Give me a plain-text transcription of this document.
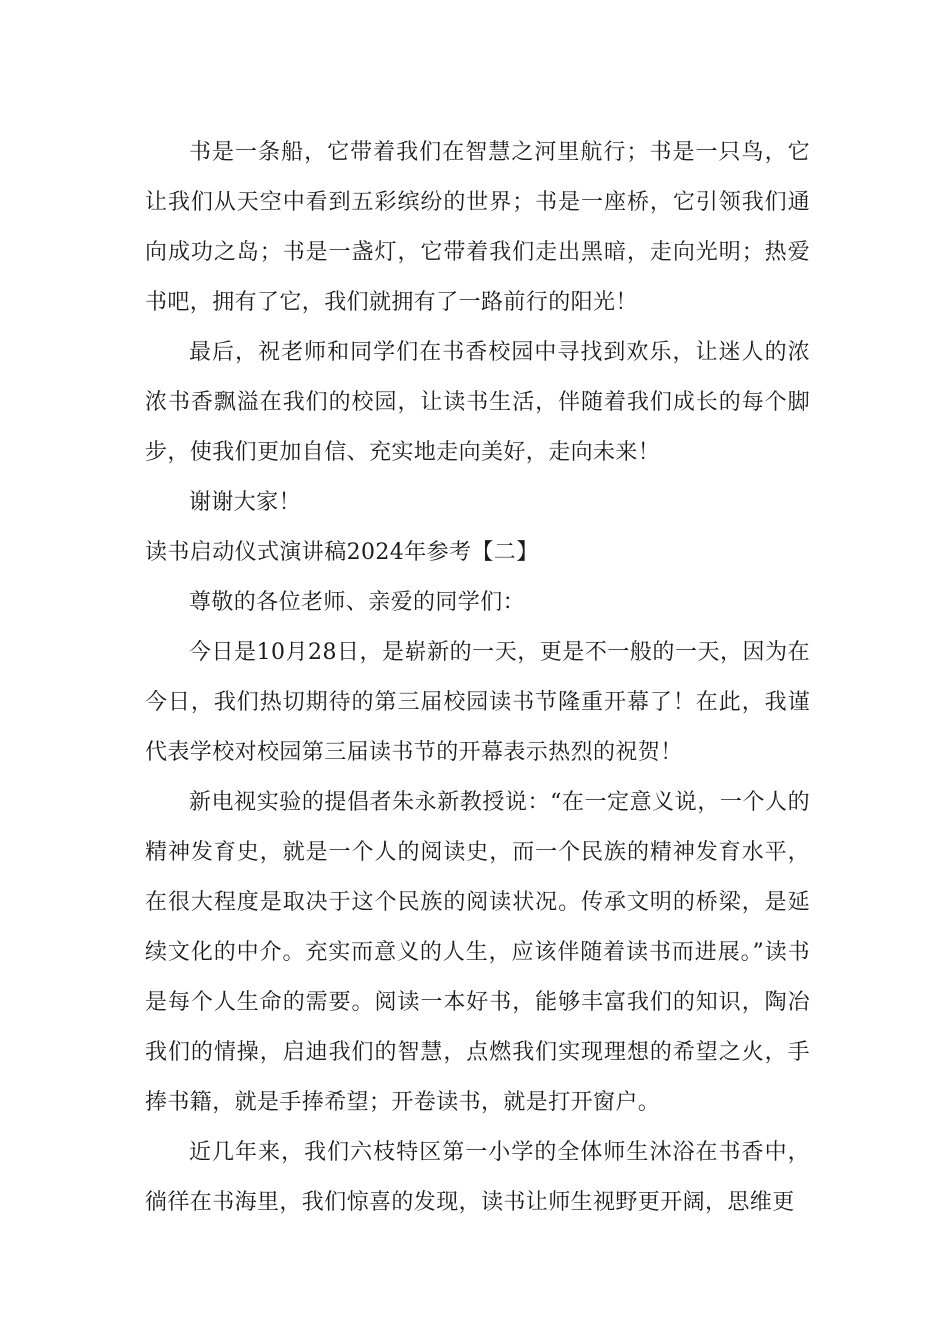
书是一条船，它带着我们在智慧之河里航行；书是一只鸟，它让我们从天空中看到五彩缤纷的世界；书是一座桥，它引领我们通向成功之岛；书是一盏灯，它带着我们走出黑暗，走向光明；热爱书吧，拥有了它，我们就拥有了一路前行的阳光！

最后，祝老师和同学们在书香校园中寻找到欢乐，让迷人的浓浓书香飘溢在我们的校园，让读书生活，伴随着我们成长的每个脚步，使我们更加自信、充实地走向美好，走向未来！

谢谢大家！

读书启动仪式演讲稿2024年参考【二】

尊敬的各位老师、亲爱的同学们：

今日是10月28日，是崭新的一天，更是不一般的一天，因为在今日，我们热切期待的第三届校园读书节隆重开幕了！在此，我谨代表学校对校园第三届读书节的开幕表示热烈的祝贺！

新电视实验的提倡者朱永新教授说：“在一定意义说，一个人的精神发育史，就是一个人的阅读史，而一个民族的精神发育水平，在很大程度是取决于这个民族的阅读状况。传承文明的桥梁，是延续文化的中介。充实而意义的人生，应该伴随着读书而进展。”读书是每个人生命的需要。阅读一本好书，能够丰富我们的知识，陶冶我们的情操，启迪我们的智慧，点燃我们实现理想的希望之火，手捧书籍，就是手捧希望；开卷读书，就是打开窗户。

近几年来，我们六枝特区第一小学的全体师生沐浴在书香中，徜徉在书海里，我们惊喜的发现，读书让师生视野更开阔，思维更
